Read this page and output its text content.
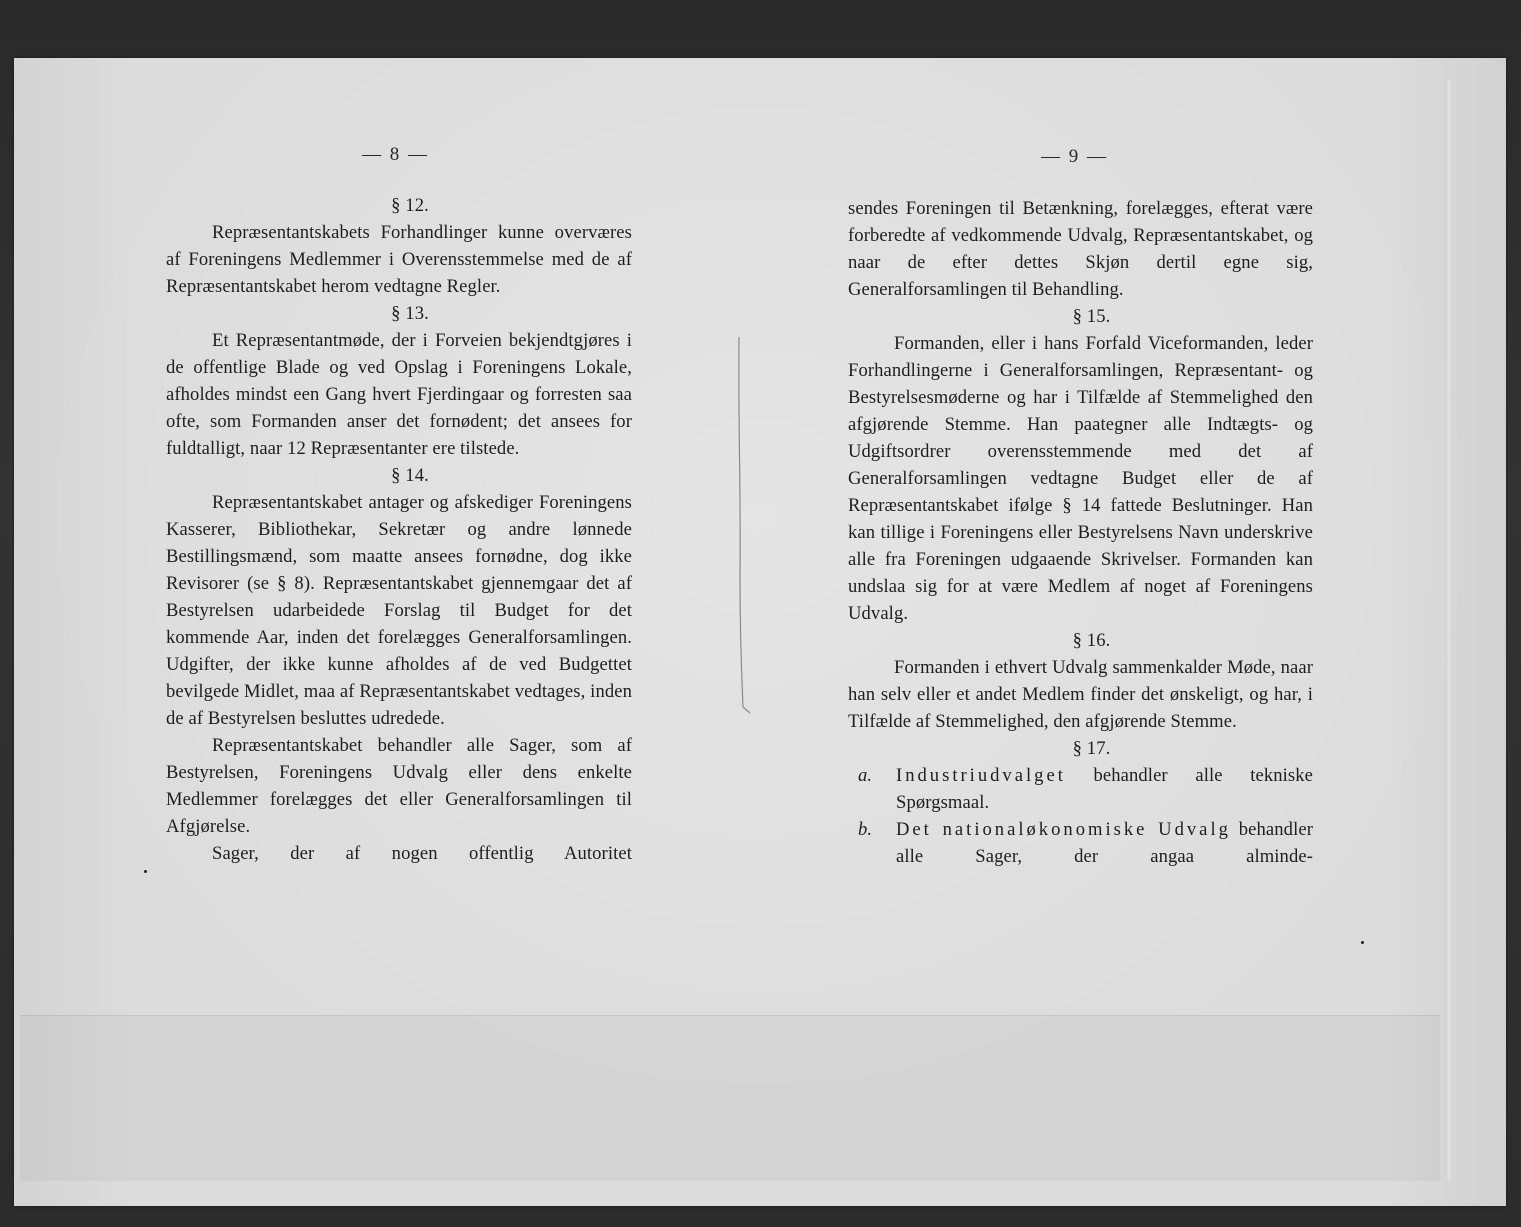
— 8 —

§ 12.

Repræsentantskabets Forhandlinger kunne overværes af Foreningens Medlemmer i Overensstemmelse med de af Repræsentantskabet herom vedtagne Regler.

§ 13.

Et Repræsentantmøde, der i Forveien bekjendtgjøres i de offentlige Blade og ved Opslag i Foreningens Lokale, afholdes mindst een Gang hvert Fjerdingaar og forresten saa ofte, som Formanden anser det fornødent; det ansees for fuldtalligt, naar 12 Repræsentanter ere tilstede.

§ 14.

Repræsentantskabet antager og afskediger Foreningens Kasserer, Bibliothekar, Sekretær og andre lønnede Bestillingsmænd, som maatte ansees fornødne, dog ikke Revisorer (se § 8). Repræsentantskabet gjennemgaar det af Bestyrelsen udarbeidede Forslag til Budget for det kommende Aar, inden det forelægges Generalforsamlingen. Udgifter, der ikke kunne afholdes af de ved Budgettet bevilgede Midlet, maa af Repræsentantskabet vedtages, inden de af Bestyrelsen besluttes udredede.

Repræsentantskabet behandler alle Sager, som af Bestyrelsen, Foreningens Udvalg eller dens enkelte Medlemmer forelægges det eller Generalforsamlingen til Afgjørelse.

Sager, der af nogen offentlig Autoritet

— 9 —

sendes Foreningen til Betænkning, forelægges, efterat være forberedte af vedkommende Udvalg, Repræsentantskabet, og naar de efter dettes Skjøn dertil egne sig, Generalforsamlingen til Behandling.

§ 15.

Formanden, eller i hans Forfald Viceformanden, leder Forhandlingerne i Generalforsamlingen, Repræsentant- og Bestyrelsesmøderne og har i Tilfælde af Stemmelighed den afgjørende Stemme. Han paategner alle Indtægts- og Udgiftsordrer overensstemmende med det af Generalforsamlingen vedtagne Budget eller de af Repræsentantskabet ifølge § 14 fattede Beslutninger. Han kan tillige i Foreningens eller Bestyrelsens Navn underskrive alle fra Foreningen udgaaende Skrivelser. Formanden kan undslaa sig for at være Medlem af noget af Foreningens Udvalg.

§ 16.

Formanden i ethvert Udvalg sammenkalder Møde, naar han selv eller et andet Medlem finder det ønskeligt, og har, i Tilfælde af Stemmelighed, den afgjørende Stemme.

§ 17.

a. Industriudvalget behandler alle tekniske Spørgsmaal.

b. Det nationaløkonomiske Udvalg behandler alle Sager, der angaa alminde-
